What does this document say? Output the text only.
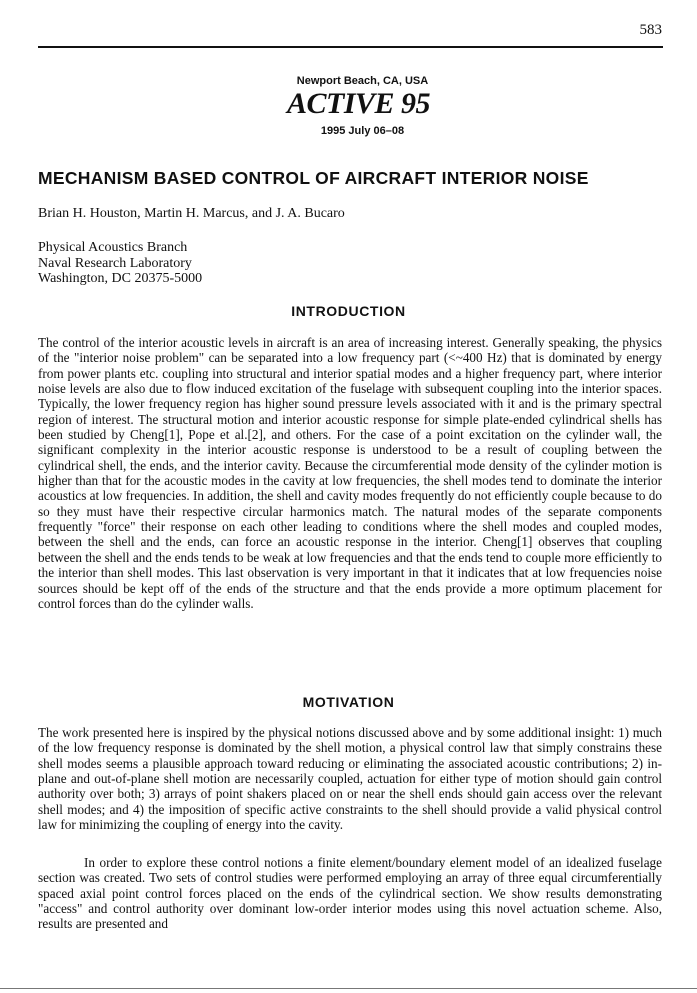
583
Newport Beach, CA, USA
ACTIVE 95
1995 July 06–08
MECHANISM BASED CONTROL OF AIRCRAFT INTERIOR NOISE
Brian H. Houston, Martin H. Marcus, and J. A. Bucaro
Physical Acoustics Branch
Naval Research Laboratory
Washington, DC 20375-5000
INTRODUCTION

The control of the interior acoustic levels in aircraft is an area of increasing interest. Generally speaking, the physics of the "interior noise problem" can be separated into a low frequency part (<~400 Hz) that is dominated by energy from power plants etc. coupling into structural and interior spatial modes and a higher frequency part, where interior noise levels are also due to flow induced excitation of the fuselage with subsequent coupling into the interior spaces. Typically, the lower frequency region has higher sound pressure levels associated with it and is the primary spectral region of interest. The structural motion and interior acoustic response for simple plate-ended cylindrical shells has been studied by Cheng[1], Pope et al.[2], and others. For the case of a point excitation on the cylinder wall, the significant complexity in the interior acoustic response is understood to be a result of coupling between the cylindrical shell, the ends, and the interior cavity. Because the circumferential mode density of the cylinder motion is higher than that for the acoustic modes in the cavity at low frequencies, the shell modes tend to dominate the interior acoustics at low frequencies. In addition, the shell and cavity modes frequently do not efficiently couple because to do so they must have their respective circular harmonics match. The natural modes of the separate components frequently "force" their response on each other leading to conditions where the shell modes and coupled modes, between the shell and the ends, can force an acoustic response in the interior. Cheng[1] observes that coupling between the shell and the ends tends to be weak at low frequencies and that the ends tend to couple more efficiently to the interior than shell modes. This last observation is very important in that it indicates that at low frequencies noise sources should be kept off of the ends of the structure and that the ends provide a more optimum placement for control forces than do the cylinder walls.

MOTIVATION

The work presented here is inspired by the physical notions discussed above and by some additional insight: 1) much of the low frequency response is dominated by the shell motion, a physical control law that simply constrains these shell modes seems a plausible approach toward reducing or eliminating the associated acoustic contributions; 2) in-plane and out-of-plane shell motion are necessarily coupled, actuation for either type of motion should gain control authority over both; 3) arrays of point shakers placed on or near the shell ends should gain access over the relevant shell modes; and 4) the imposition of specific active constraints to the shell should provide a valid physical control law for minimizing the coupling of energy into the cavity.

In order to explore these control notions a finite element/boundary element model of an idealized fuselage section was created. Two sets of control studies were performed employing an array of three equal circumferentially spaced axial point control forces placed on the ends of the cylindrical section. We show results demonstrating "access" and control authority over dominant low-order interior modes using this novel actuation scheme. Also, results are presented and
